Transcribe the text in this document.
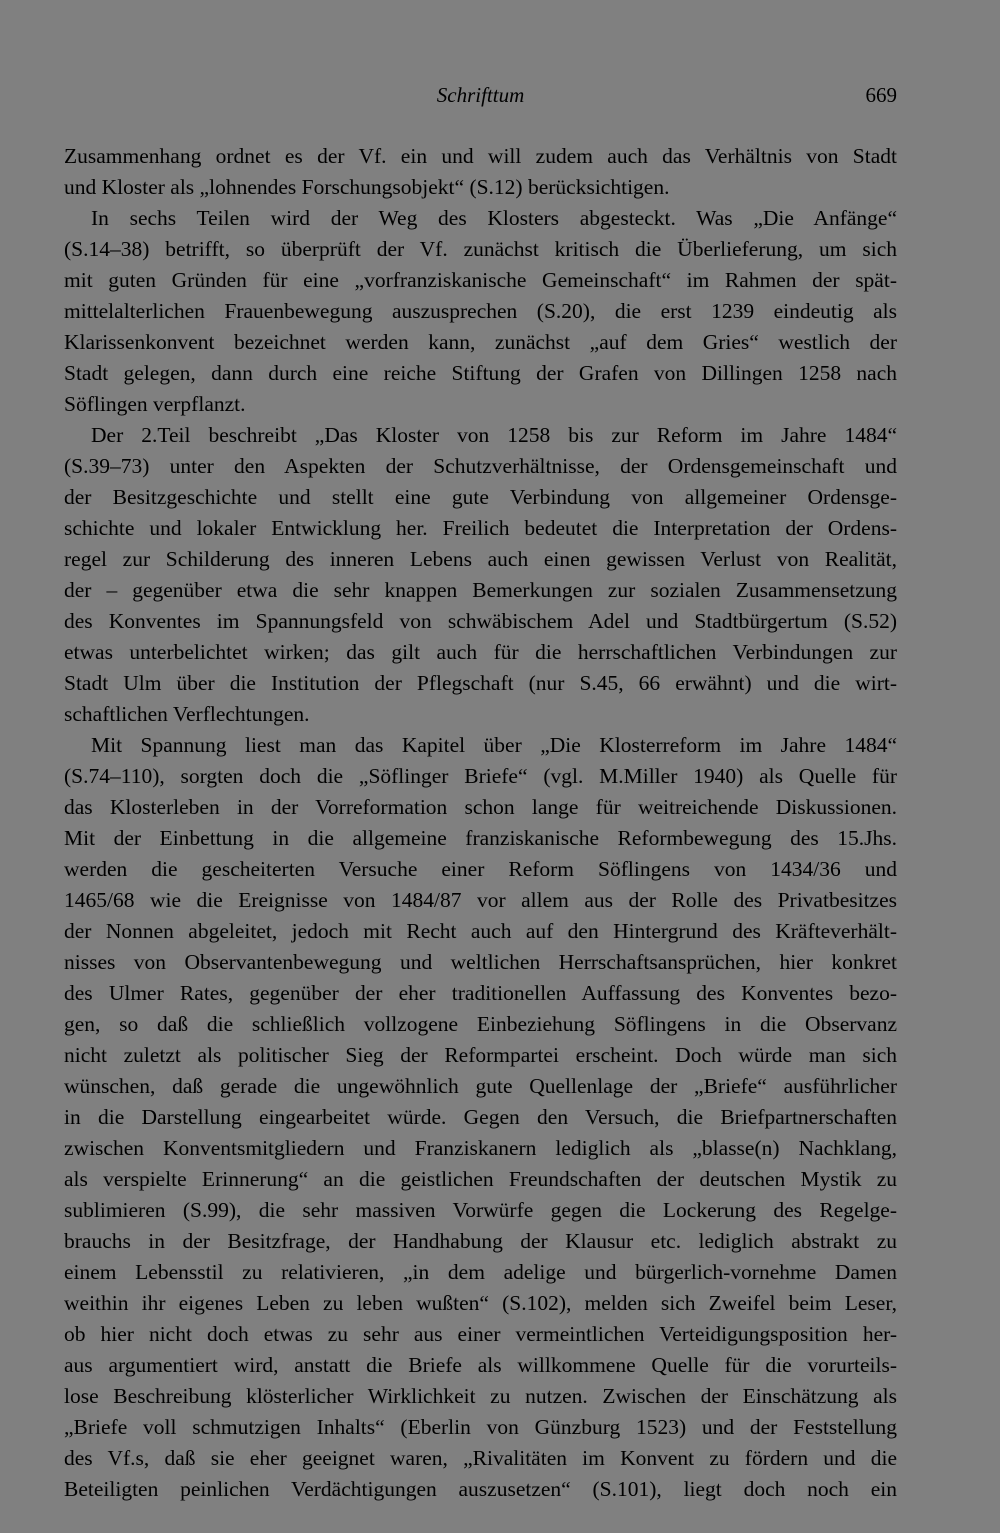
Schrifttum	669
Zusammenhang ordnet es der Vf. ein und will zudem auch das Verhältnis von Stadt
und Kloster als „lohnendes Forschungsobjekt“ (S.12) berücksichtigen.
In sechs Teilen wird der Weg des Klosters abgesteckt. Was „Die Anfänge“
(S.14–38) betrifft, so überprüft der Vf. zunächst kritisch die Überlieferung, um sich
mit guten Gründen für eine „vorfranziskanische Gemeinschaft“ im Rahmen der spät-
mittelalterlichen Frauenbewegung auszusprechen (S.20), die erst 1239 eindeutig als
Klarissenkonvent bezeichnet werden kann, zunächst „auf dem Gries“ westlich der
Stadt gelegen, dann durch eine reiche Stiftung der Grafen von Dillingen 1258 nach
Söflingen verpflanzt.
Der 2.Teil beschreibt „Das Kloster von 1258 bis zur Reform im Jahre 1484“
(S.39–73) unter den Aspekten der Schutzverhältnisse, der Ordensgemeinschaft und
der Besitzgeschichte und stellt eine gute Verbindung von allgemeiner Ordensge-
schichte und lokaler Entwicklung her. Freilich bedeutet die Interpretation der Ordens-
regel zur Schilderung des inneren Lebens auch einen gewissen Verlust von Realität,
der – gegenüber etwa die sehr knappen Bemerkungen zur sozialen Zusammensetzung
des Konventes im Spannungsfeld von schwäbischem Adel und Stadtbürgertum (S.52)
etwas unterbelichtet wirken; das gilt auch für die herrschaftlichen Verbindungen zur
Stadt Ulm über die Institution der Pflegschaft (nur S.45, 66 erwähnt) und die wirt-
schaftlichen Verflechtungen.
Mit Spannung liest man das Kapitel über „Die Klosterreform im Jahre 1484“
(S.74–110), sorgten doch die „Söflinger Briefe“ (vgl. M.Miller 1940) als Quelle für
das Klosterleben in der Vorreformation schon lange für weitreichende Diskussionen.
Mit der Einbettung in die allgemeine franziskanische Reformbewegung des 15.Jhs.
werden die gescheiterten Versuche einer Reform Söflingens von 1434/36 und
1465/68 wie die Ereignisse von 1484/87 vor allem aus der Rolle des Privatbesitzes
der Nonnen abgeleitet, jedoch mit Recht auch auf den Hintergrund des Kräfteverhält-
nisses von Observantenbewegung und weltlichen Herrschaftsansprüchen, hier konkret
des Ulmer Rates, gegenüber der eher traditionellen Auffassung des Konventes bezo-
gen, so daß die schließlich vollzogene Einbeziehung Söflingens in die Observanz
nicht zuletzt als politischer Sieg der Reformpartei erscheint. Doch würde man sich
wünschen, daß gerade die ungewöhnlich gute Quellenlage der „Briefe“ ausführlicher
in die Darstellung eingearbeitet würde. Gegen den Versuch, die Briefpartnerschaften
zwischen Konventsmitgliedern und Franziskanern lediglich als „blasse(n) Nachklang,
als verspielte Erinnerung“ an die geistlichen Freundschaften der deutschen Mystik zu
sublimieren (S.99), die sehr massiven Vorwürfe gegen die Lockerung des Regelge-
brauchs in der Besitzfrage, der Handhabung der Klausur etc. lediglich abstrakt zu
einem Lebensstil zu relativieren, „in dem adelige und bürgerlich-vornehme Damen
weithin ihr eigenes Leben zu leben wußten“ (S.102), melden sich Zweifel beim Leser,
ob hier nicht doch etwas zu sehr aus einer vermeintlichen Verteidigungsposition her-
aus argumentiert wird, anstatt die Briefe als willkommene Quelle für die vorurteils-
lose Beschreibung klösterlicher Wirklichkeit zu nutzen. Zwischen der Einschätzung als
„Briefe voll schmutzigen Inhalts“ (Eberlin von Günzburg 1523) und der Feststellung
des Vf.s, daß sie eher geeignet waren, „Rivalitäten im Konvent zu fördern und die
Beteiligten peinlichen Verdächtigungen auszusetzen“ (S.101), liegt doch noch ein
